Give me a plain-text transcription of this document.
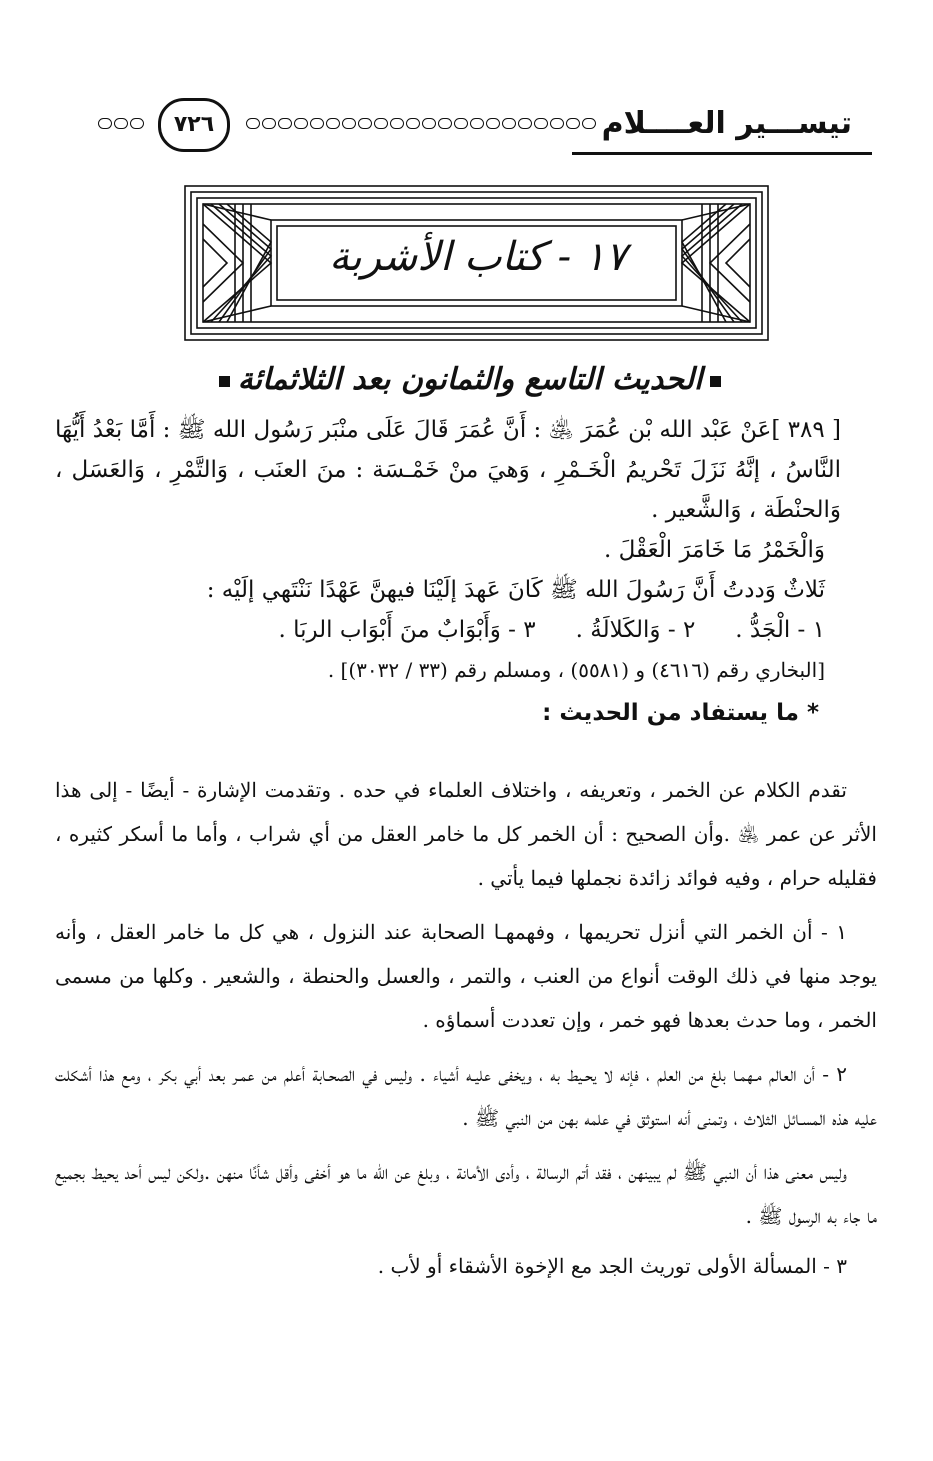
تيســـير العــــلام
٧٢٦
١٧ - كتاب الأشربة
الحديث التاسع والثمانون بعد الثلاثمائة

[ ٣٨٩ ]عَنْ عَبْد الله بْن عُمَرَ ﵁ : أَنَّ عُمَرَ قَالَ عَلَى منْبَر رَسُول الله ﷺ : أَمَّا بَعْدُ أَيُّهَا النَّاسُ ، إنَّهُ نَزَلَ تَحْريمُ الْخَـمْرِ ، وَهيَ منْ خَمْـسَة : منَ العنَب ، وَالتَّمْرِ ، وَالعَسَل ، وَالحنْطَة ، وَالشَّعير .

وَالْخَمْرُ مَا خَامَرَ الْعَقْلَ .

ثَلاثٌ وَددتُ أَنَّ رَسُولَ الله ﷺ كَانَ عَهدَ إلَيْنَا فيهنَّ عَهْدًا نَنْتَهي إلَيْه :

١ - الْجَدُّ .
٢ - وَالكَلالَةُ .
٣ - وَأَبْوَابٌ منَ أَبْوَاب الربَا .

[البخاري رقم (٤٦١٦) و (٥٥٨١) ، ومسلم رقم (٣٣ / ٣٠٣٢)] .

* ما يستفاد من الحديث :

تقدم الكلام عن الخمر ، وتعريفه ، واختلاف العلماء في حده . وتقدمت الإشارة - أيضًا - إلى هذا الأثر عن عمر ﵁ .وأن الصحيح : أن الخمر كل ما خامر العقل من أي شراب ، وأما ما أسكر كثيره ، فقليله حرام ، وفيه فوائد زائدة نجملها فيما يأتي .

١ - أن الخمر التي أنزل تحريمها ، وفهمهـا الصحابة عند النزول ، هي كل ما خامر العقل ، وأنه يوجد منها في ذلك الوقت أنواع من العنب ، والتمر ، والعسل والحنطة ، والشعير . وكلها من مسمى الخمر ، وما حدث بعدها فهو خمر ، وإن تعددت أسماؤه .

٢ - أن العالم مـهمـا بلغ من العلم ، فإنه لا يحـيط به ، ويخفى عليـه أشياء . وليس في الصحـابة أعلم من عمـر بعد أبي بكر ، ومع هذا أشكلت عليه هذه المسـائل الثلاث ، وتمنى أنه استوثق في علمه بهن من النبي ﷺ .

وليس معنى هذا أن النبي ﷺ لم يبينهن ، فقد أتم الرسالة ، وأدى الأمانة ، وبلغ عن الله ما هو أخفى وأقل شأنًا منهن .ولكن ليس أحد يحيط بجميع ما جاء به الرسول ﷺ .

٣ - المسألة الأولى توريث الجد مع الإخوة الأشقاء أو لأب .
